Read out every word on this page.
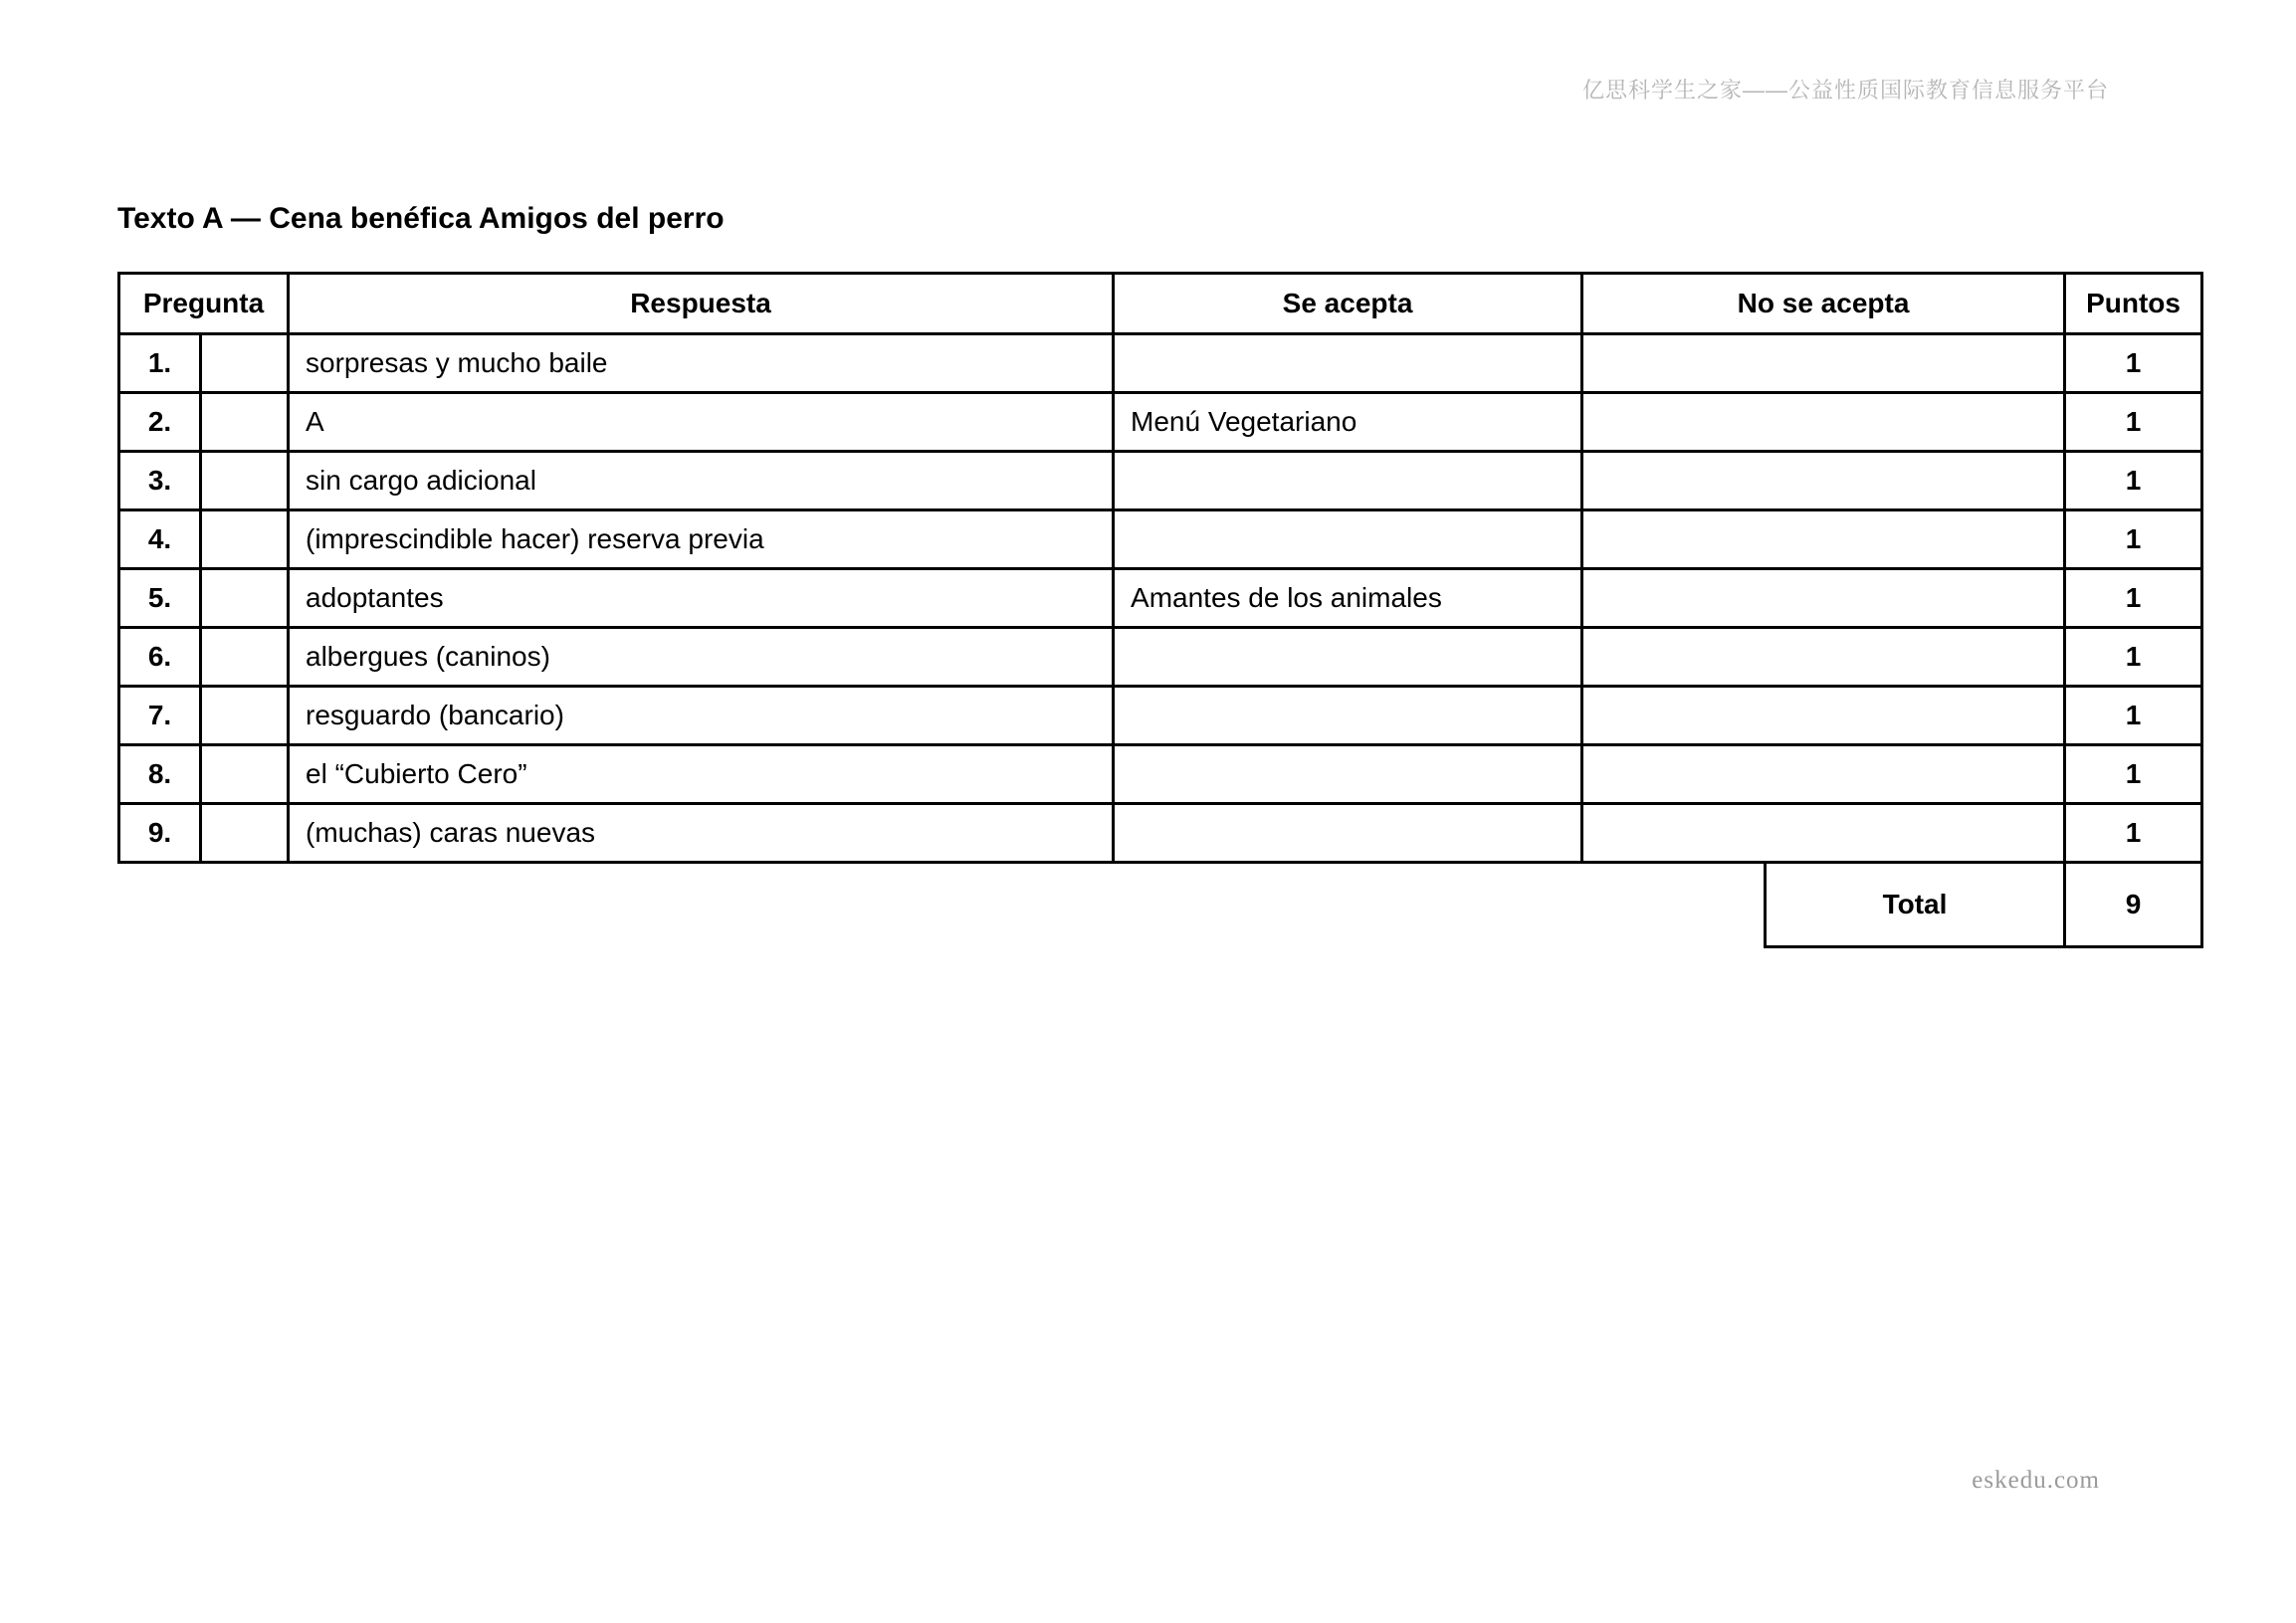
亿思科学生之家——公益性质国际教育信息服务平台
Texto A — Cena benéfica Amigos del perro
Pregunta		Respuesta	Se acepta	No se acepta	Puntos
1.		sorpresas y mucho baile			1
2.		A	Menú Vegetariano		1
3.		sin cargo adicional			1
4.		(imprescindible hacer) reserva previa			1
5.		adoptantes	Amantes de los animales		1
6.		albergues (caninos)			1
7.		resguardo (bancario)			1
8.		el “Cubierto Cero”			1
9.		(muchas) caras nuevas			1
Total	9
eskedu.com
